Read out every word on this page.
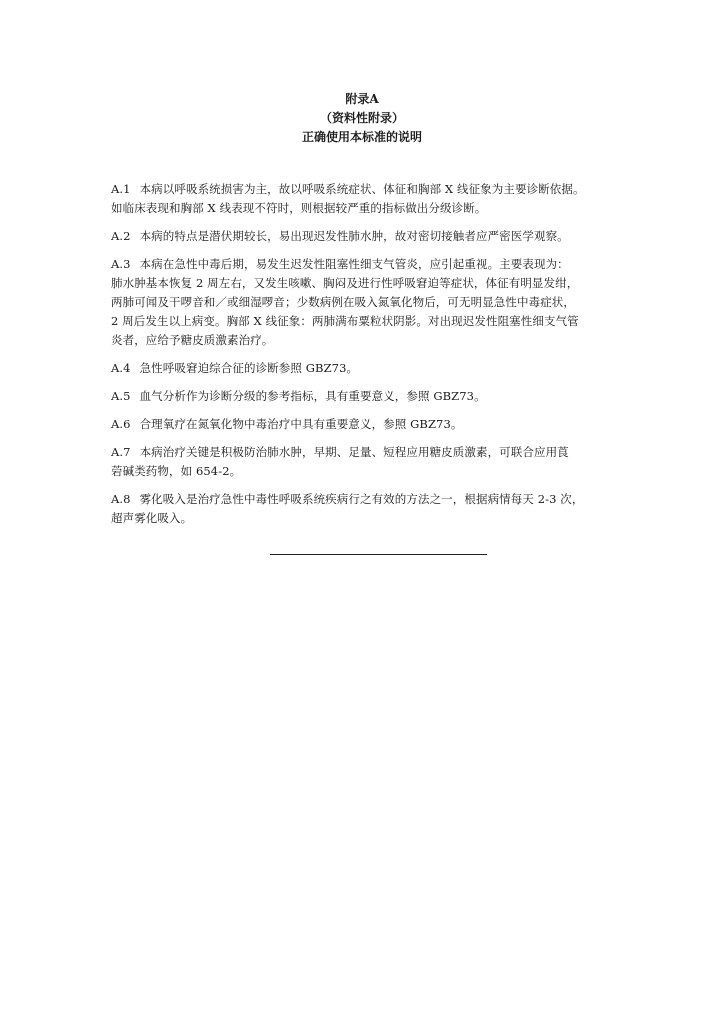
附录A
（资料性附录）
正确使用本标准的说明

A.1 本病以呼吸系统损害为主，故以呼吸系统症状、体征和胸部 X 线征象为主要诊断依据。
如临床表现和胸部 X 线表现不符时，则根据较严重的指标做出分级诊断。

A.2 本病的特点是潜伏期较长，易出现迟发性肺水肿，故对密切接触者应严密医学观察。

A.3 本病在急性中毒后期，易发生迟发性阻塞性细支气管炎，应引起重视。主要表现为：
肺水肿基本恢复 2 周左右，又发生咳嗽、胸闷及进行性呼吸窘迫等症状，体征有明显发绀，
两肺可闻及干啰音和／或细湿啰音；少数病例在吸入氮氧化物后，可无明显急性中毒症状，
2 周后发生以上病变。胸部 X 线征象：两肺满布粟粒状阴影。对出现迟发性阻塞性细支气管
炎者，应给予糖皮质激素治疗。

A.4 急性呼吸窘迫综合征的诊断参照 GBZ73。

A.5 血气分析作为诊断分级的参考指标，具有重要意义，参照 GBZ73。

A.6 合理氧疗在氮氧化物中毒治疗中具有重要意义，参照 GBZ73。

A.7 本病治疗关键是积极防治肺水肿，早期、足量、短程应用糖皮质激素，可联合应用莨
菪碱类药物，如 654-2。

A.8 雾化吸入是治疗急性中毒性呼吸系统疾病行之有效的方法之一，根据病情每天 2-3 次，
超声雾化吸入。
